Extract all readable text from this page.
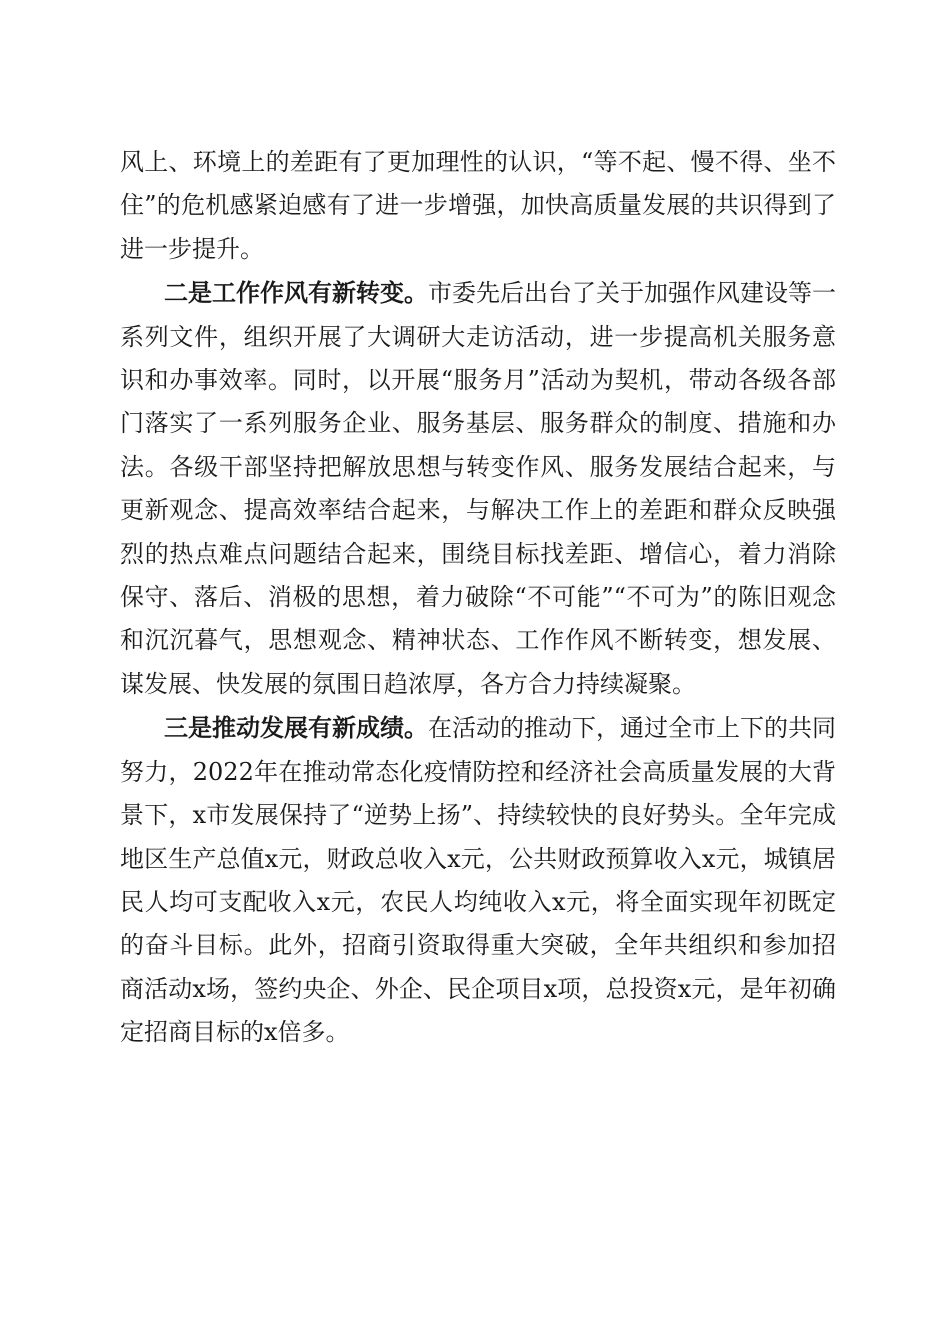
风上、环境上的差距有了更加理性的认识，“等不起、慢不得、坐不住”的危机感紧迫感有了进一步增强，加快高质量发展的共识得到了进一步提升。

二是工作作风有新转变。市委先后出台了关于加强作风建设等一系列文件，组织开展了大调研大走访活动，进一步提高机关服务意识和办事效率。同时，以开展“服务月”活动为契机，带动各级各部门落实了一系列服务企业、服务基层、服务群众的制度、措施和办法。各级干部坚持把解放思想与转变作风、服务发展结合起来，与更新观念、提高效率结合起来，与解决工作上的差距和群众反映强烈的热点难点问题结合起来，围绕目标找差距、增信心，着力消除保守、落后、消极的思想，着力破除“不可能”“不可为”的陈旧观念和沉沉暮气，思想观念、精神状态、工作作风不断转变，想发展、谋发展、快发展的氛围日趋浓厚，各方合力持续凝聚。

三是推动发展有新成绩。在活动的推动下，通过全市上下的共同努力，2022年在推动常态化疫情防控和经济社会高质量发展的大背景下，x市发展保持了“逆势上扬”、持续较快的良好势头。全年完成地区生产总值x元，财政总收入x元，公共财政预算收入x元，城镇居民人均可支配收入x元，农民人均纯收入x元，将全面实现年初既定的奋斗目标。此外，招商引资取得重大突破，全年共组织和参加招商活动x场，签约央企、外企、民企项目x项，总投资x元，是年初确定招商目标的x倍多。
